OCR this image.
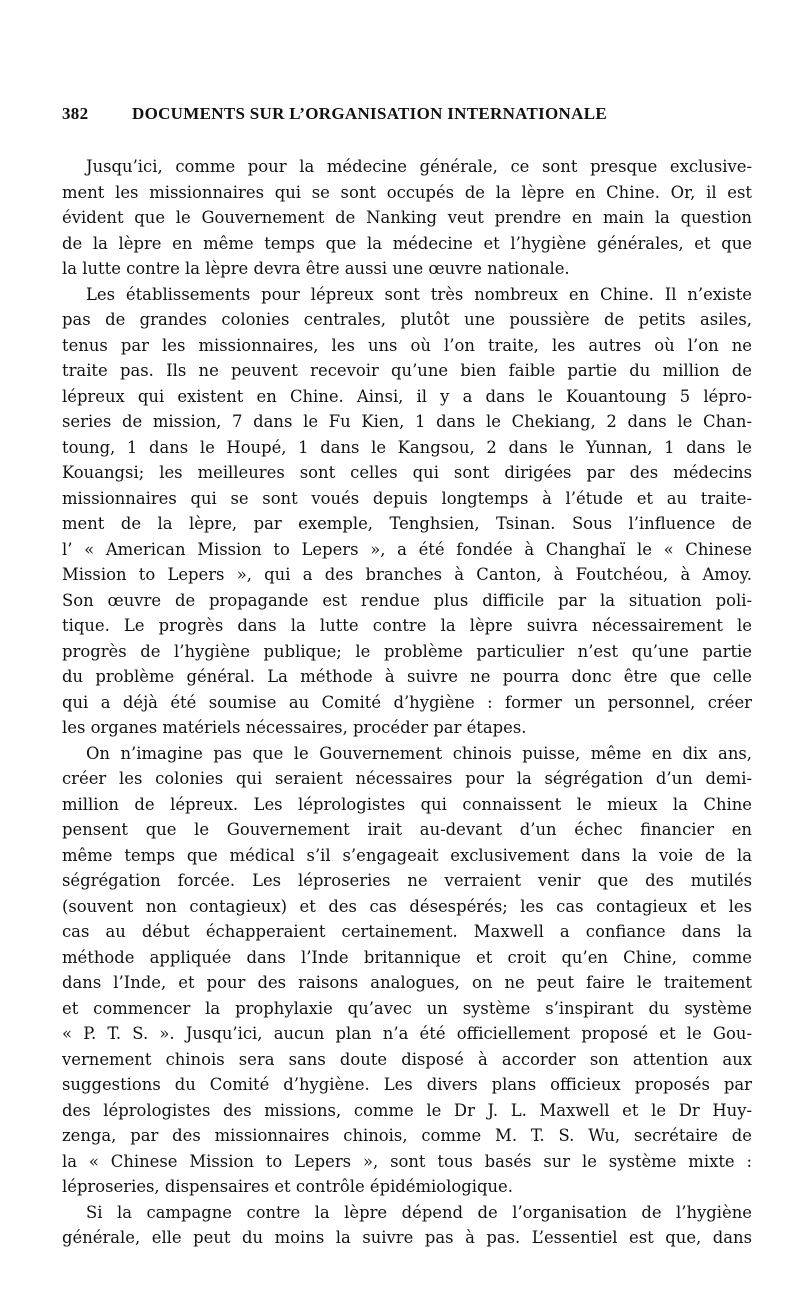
382	DOCUMENTS SUR L’ORGANISATION INTERNATIONALE

Jusqu’ici, comme pour la médecine générale, ce sont presque exclusive-
ment les missionnaires qui se sont occupés de la lèpre en Chine. Or, il est
évident que le Gouvernement de Nanking veut prendre en main la question
de la lèpre en même temps que la médecine et l’hygiène générales, et que
la lutte contre la lèpre devra être aussi une œuvre nationale.

Les établissements pour lépreux sont très nombreux en Chine. Il n’existe
pas de grandes colonies centrales, plutôt une poussière de petits asiles,
tenus par les missionnaires, les uns où l’on traite, les autres où l’on ne
traite pas. Ils ne peuvent recevoir qu’une bien faible partie du million de
lépreux qui existent en Chine. Ainsi, il y a dans le Kouantoung 5 lépro-
series de mission, 7 dans le Fu Kien, 1 dans le Chekiang, 2 dans le Chan-
toung, 1 dans le Houpé, 1 dans le Kangsou, 2 dans le Yunnan, 1 dans le
Kouangsi; les meilleures sont celles qui sont dirigées par des médecins
missionnaires qui se sont voués depuis longtemps à l’étude et au traite-
ment de la lèpre, par exemple, Tenghsien, Tsinan. Sous l’influence de
l’ « American Mission to Lepers », a été fondée à Changhaï le « Chinese
Mission to Lepers », qui a des branches à Canton, à Foutchéou, à Amoy.
Son œuvre de propagande est rendue plus difficile par la situation poli-
tique. Le progrès dans la lutte contre la lèpre suivra nécessairement le
progrès de l’hygiène publique; le problème particulier n’est qu’une partie
du problème général. La méthode à suivre ne pourra donc être que celle
qui a déjà été soumise au Comité d’hygiène : former un personnel, créer
les organes matériels nécessaires, procéder par étapes.

On n’imagine pas que le Gouvernement chinois puisse, même en dix ans,
créer les colonies qui seraient nécessaires pour la ségrégation d’un demi-
million de lépreux. Les léprologistes qui connaissent le mieux la Chine
pensent que le Gouvernement irait au-devant d’un échec financier en
même temps que médical s’il s’engageait exclusivement dans la voie de la
ségrégation forcée. Les léproseries ne verraient venir que des mutilés
(souvent non contagieux) et des cas désespérés; les cas contagieux et les
cas au début échapperaient certainement. Maxwell a confiance dans la
méthode appliquée dans l’Inde britannique et croit qu’en Chine, comme
dans l’Inde, et pour des raisons analogues, on ne peut faire le traitement
et commencer la prophylaxie qu’avec un système s’inspirant du système
« P. T. S. ». Jusqu’ici, aucun plan n’a été officiellement proposé et le Gou-
vernement chinois sera sans doute disposé à accorder son attention aux
suggestions du Comité d’hygiène. Les divers plans officieux proposés par
des léprologistes des missions, comme le Dr J. L. Maxwell et le Dr Huy-
zenga, par des missionnaires chinois, comme M. T. S. Wu, secrétaire de
la « Chinese Mission to Lepers », sont tous basés sur le système mixte :
léproseries, dispensaires et contrôle épidémiologique.

Si la campagne contre la lèpre dépend de l’organisation de l’hygiène
générale, elle peut du moins la suivre pas à pas. L’essentiel est que, dans
